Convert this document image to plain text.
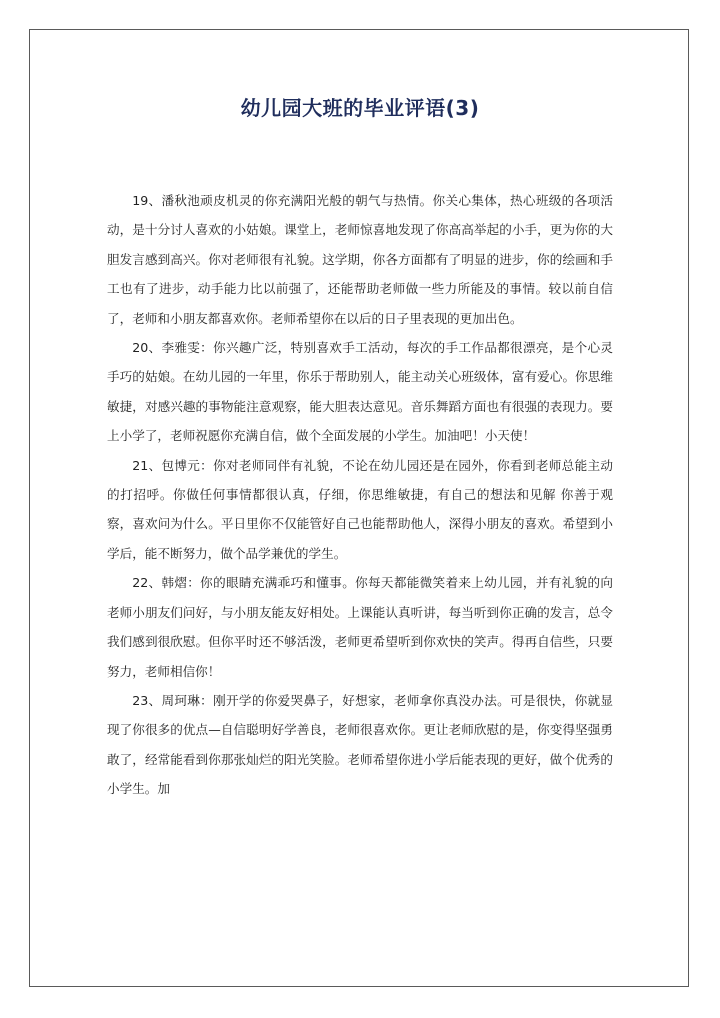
幼儿园大班的毕业评语(3)

19、潘秋池顽皮机灵的你充满阳光般的朝气与热情。你关心集体，热心班级的各项活动，是十分讨人喜欢的小姑娘。课堂上，老师惊喜地发现了你高高举起的小手，更为你的大胆发言感到高兴。你对老师很有礼貌。这学期，你各方面都有了明显的进步，你的绘画和手工也有了进步，动手能力比以前强了，还能帮助老师做一些力所能及的事情。较以前自信了，老师和小朋友都喜欢你。老师希望你在以后的日子里表现的更加出色。

20、李雅雯：你兴趣广泛，特别喜欢手工活动，每次的手工作品都很漂亮，是个心灵手巧的姑娘。在幼儿园的一年里，你乐于帮助别人，能主动关心班级体，富有爱心。你思维敏捷，对感兴趣的事物能注意观察，能大胆表达意见。音乐舞蹈方面也有很强的表现力。要上小学了，老师祝愿你充满自信，做个全面发展的小学生。加油吧！小天使！

21、包博元：你对老师同伴有礼貌，不论在幼儿园还是在园外，你看到老师总能主动的打招呼。你做任何事情都很认真，仔细，你思维敏捷，有自己的想法和见解 你善于观察，喜欢问为什么。平日里你不仅能管好自己也能帮助他人，深得小朋友的喜欢。希望到小学后，能不断努力，做个品学兼优的学生。

22、韩熠：你的眼睛充满乖巧和懂事。你每天都能微笑着来上幼儿园，并有礼貌的向老师小朋友们问好，与小朋友能友好相处。上课能认真听讲，每当听到你正确的发言，总令我们感到很欣慰。但你平时还不够活泼，老师更希望听到你欢快的笑声。得再自信些，只要努力，老师相信你！

23、周珂琳：刚开学的你爱哭鼻子，好想家，老师拿你真没办法。可是很快，你就显现了你很多的优点—自信聪明好学善良，老师很喜欢你。更让老师欣慰的是，你变得坚强勇敢了，经常能看到你那张灿烂的阳光笑脸。老师希望你进小学后能表现的更好，做个优秀的小学生。加
